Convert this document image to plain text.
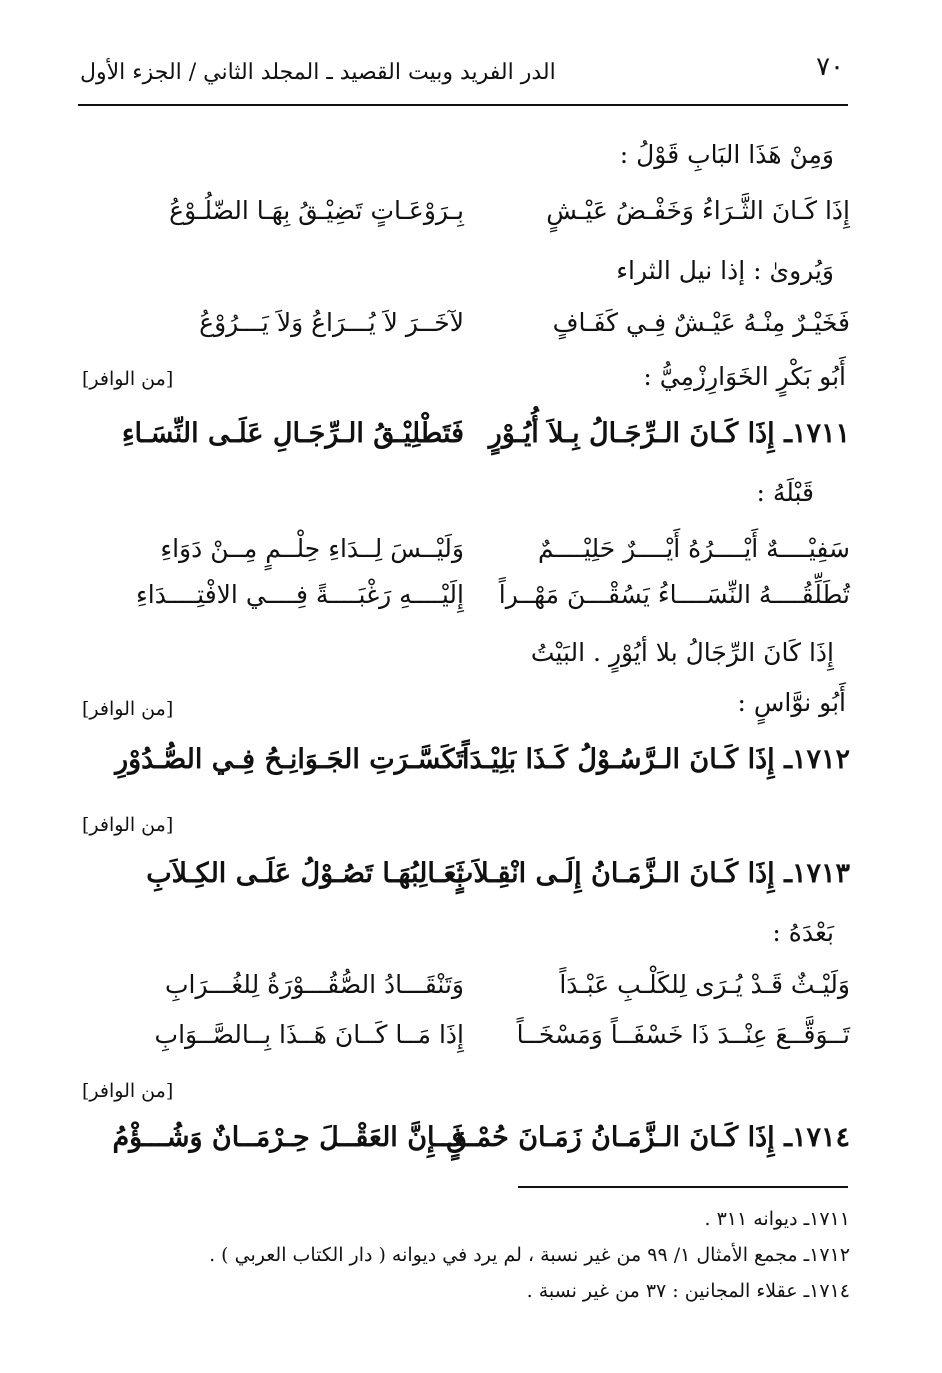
٧٠
الدر الفريد وبيت القصيد ـ المجلد الثاني / الجزء الأول
وَمِنْ هَذَا البَابِ قَوْلُ :
إِذَا كَـانَ الثَّـرَاءُ وَخَفْـضُ عَيْـشٍ
بِـرَوْعَـاتٍ تَضِيْـقُ بِهَـا الضّلُـوْعُ
وَيُروىٰ : إذا نيل الثراء
فَخَيْـرٌ مِنْـهُ عَيْـشٌ فِـي كَفَـافٍ
لآخَــرَ لاَ يُـــرَاعُ وَلاَ يَـــرُوْعُ
أَبُو بَكْرٍ الخَوَارِزْمِيُّ :
[من الوافر]
١٧١١ـ إِذَا كَـانَ الـرِّجَـالُ بِـلاَ أُيُـوْرٍ
فَتَطْلِيْـقُ الـرِّجَـالِ عَلَـى النِّسَـاءِ
قَبْلَهُ :
سَفِيْــــهٌ أَيْــــرُهُ أَيْــــرٌ حَلِيْــــمٌ
وَلَيْــسَ لِــدَاءِ حِلْــمٍ مِــنْ دَوَاءِ
تُطَلِّقُــــهُ النِّسَــــاءُ يَسُقْـــنَ مَهْــراً
إِلَيْــــهِ رَغْبَــــةً فِــــي الافْتِــــدَاءِ
إِذَا كَانَ الرِّجَالُ بلا أيُوْرٍ . البَيْتُ
أَبُو نوَّاسٍ :
[من الوافر]
١٧١٢ـ إِذَا كَـانَ الـرَّسُـوْلُ كَـذَا بَلِيْـدَاً
تَكَسَّـرَتِ الجَـوَانِـحُ فِـي الصُّـدُوْرِ
[من الوافر]
١٧١٣ـ إِذَا كَـانَ الـزَّمَـانُ إِلَـى انْقِـلاَبٍ
ثَعَـالِبُهَـا تَصُـوْلُ عَلَـى الكِـلاَبِ
بَعْدَهُ :
وَلَيْـثٌ قَـدْ يُـرَى لِلكَلْـبِ عَبْـدَاً
وَتَنْقَـــادُ الصُّقُـــوْرَةُ لِلغُـــرَابِ
تَــوَقَّــعَ عِنْــدَ ذَا خَسْفَــاً وَمَسْخَــاً
إِذَا مَــا كَــانَ هَــذَا بِــالصَّــوَابِ
[من الوافر]
١٧١٤ـ إِذَا كَـانَ الـزَّمَـانُ زَمَـانَ حُمْـقٍ
فَــإِنَّ العَقْــلَ حِـرْمَــانٌ وَشُـــؤْمُ
١٧١١ـ ديوانه ٣١١ .
١٧١٢ـ مجمع الأمثال ١/ ٩٩ من غير نسبة ، لم يرد في ديوانه ( دار الكتاب العربي ) .
١٧١٤ـ عقلاء المجانين : ٣٧ من غير نسبة .
